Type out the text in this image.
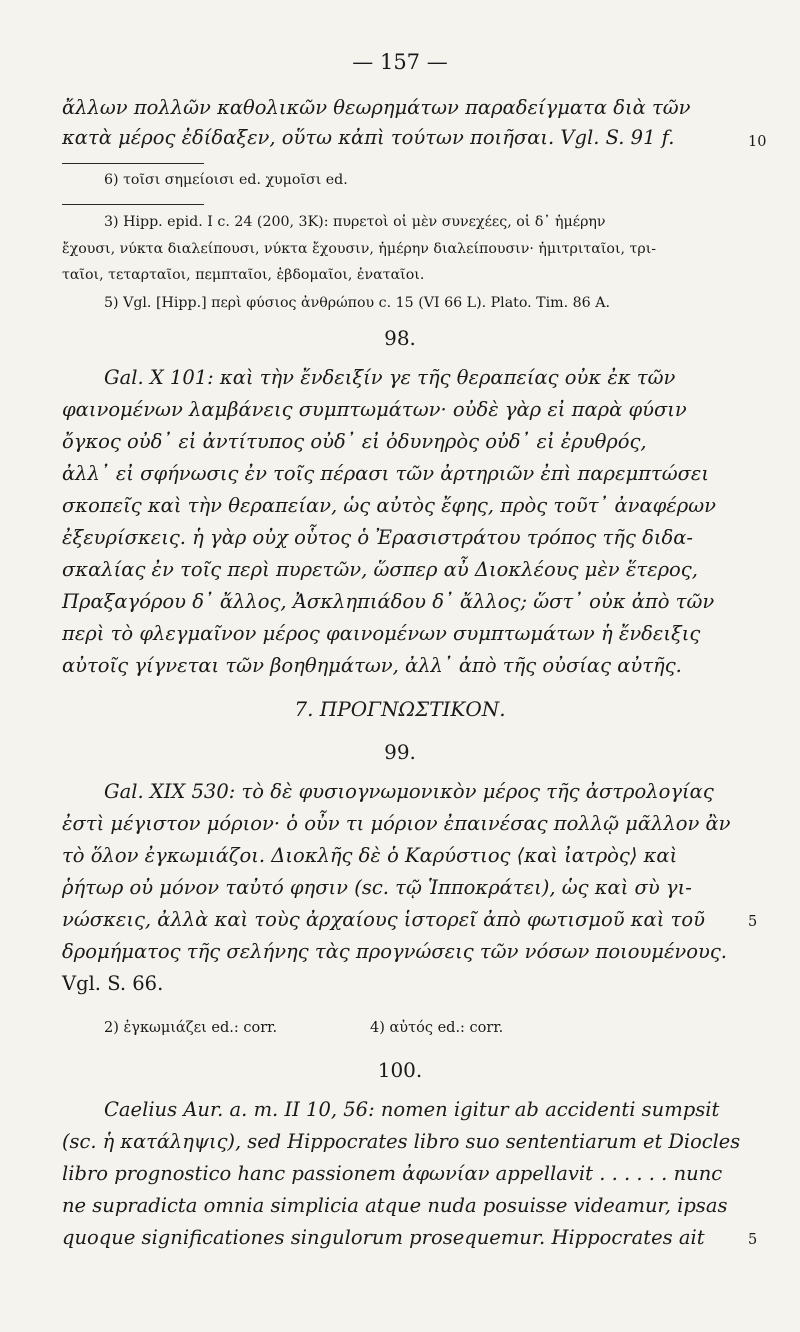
— 157 —
ἄλλων πολλῶν καθολικῶν θεωρημάτων παραδείγματα διὰ τῶν
κατὰ μέρος ἐδίδαξεν, οὕτω κἀπὶ τούτων ποιῆσαι. Vgl. S. 91 f.	10
6) τοῖσι σημείοισι ed. χυμοῖσι ed.
3) Hipp. epid. I c. 24 (200, 3K): πυρετοὶ οἱ μὲν συνεχέες, οἱ δ᾽ ἡμέρην
ἔχουσι, νύκτα διαλείπουσι, νύκτα ἔχουσιν, ἡμέρην διαλείπουσιν· ἡμιτριταῖοι, τρι-
ταῖοι, τεταρταῖοι, πεμπταῖοι, ἑβδομαῖοι, ἐναταῖοι.
5) Vgl. [Hipp.] περὶ φύσιος ἀνθρώπου c. 15 (VI 66 L). Plato. Tim. 86 A.
98.
Gal. X 101: καὶ τὴν ἔνδειξίν γε τῆς θεραπείας οὐκ ἐκ τῶν
φαινομένων λαμβάνεις συμπτωμάτων· οὐδὲ γὰρ εἰ παρὰ φύσιν
ὄγκος οὐδ᾽ εἰ ἀντίτυπος οὐδ᾽ εἰ ὀδυνηρὸς οὐδ᾽ εἰ ἐρυθρός,
ἀλλ᾽ εἰ σφήνωσις ἐν τοῖς πέρασι τῶν ἀρτηριῶν ἐπὶ παρεμπτώσει
σκοπεῖς καὶ τὴν θεραπείαν, ὡς αὐτὸς ἔφης, πρὸς τοῦτ᾽ ἀναφέρων
ἐξευρίσκεις. ἡ γὰρ οὐχ οὗτος ὁ Ἐρασιστράτου τρόπος τῆς διδα-
σκαλίας ἐν τοῖς περὶ πυρετῶν, ὥσπερ αὖ Διοκλέους μὲν ἕτερος,
Πραξαγόρου δ᾽ ἄλλος, Ἀσκληπιάδου δ᾽ ἄλλος; ὥστ᾽ οὐκ ἀπὸ τῶν
περὶ τὸ φλεγμαῖνον μέρος φαινομένων συμπτωμάτων ἡ ἔνδειξις
αὐτοῖς γίγνεται τῶν βοηθημάτων, ἀλλ᾽ ἀπὸ τῆς οὐσίας αὐτῆς.
7. ΠΡΟΓΝΩΣΤΙΚΟΝ.
99.
Gal. XIX 530: τὸ δὲ φυσιογνωμονικὸν μέρος τῆς ἀστρολογίας
ἐστὶ μέγιστον μόριον· ὁ οὖν τι μόριον ἐπαινέσας πολλῷ μᾶλλον ἂν
τὸ ὅλον ἐγκωμιάζοι. Διοκλῆς δὲ ὁ Καρύστιος ⟨καὶ ἰατρὸς⟩ καὶ
ῥήτωρ οὐ μόνον ταὐτό φησιν (sc. τῷ Ἱπποκράτει), ὡς καὶ σὺ γι-
νώσκεις, ἀλλὰ καὶ τοὺς ἀρχαίους ἱστορεῖ ἀπὸ φωτισμοῦ καὶ τοῦ	5
δρομήματος τῆς σελήνης τὰς προγνώσεις τῶν νόσων ποιουμένους.
Vgl. S. 66.
2) ἐγκωμιάζει ed.: corr.	4) αὐτός ed.: corr.
100.
Caelius Aur. a. m. II 10, 56: nomen igitur ab accidenti sumpsit
(sc. ἡ κατάληψις), sed Hippocrates libro suo sententiarum et Diocles
libro prognostico hanc passionem ἀφωνίαν appellavit . . . . . . nunc
ne supradicta omnia simplicia atque nuda posuisse videamur, ipsas
quoque significationes singulorum prosequemur. Hippocrates ait	5
